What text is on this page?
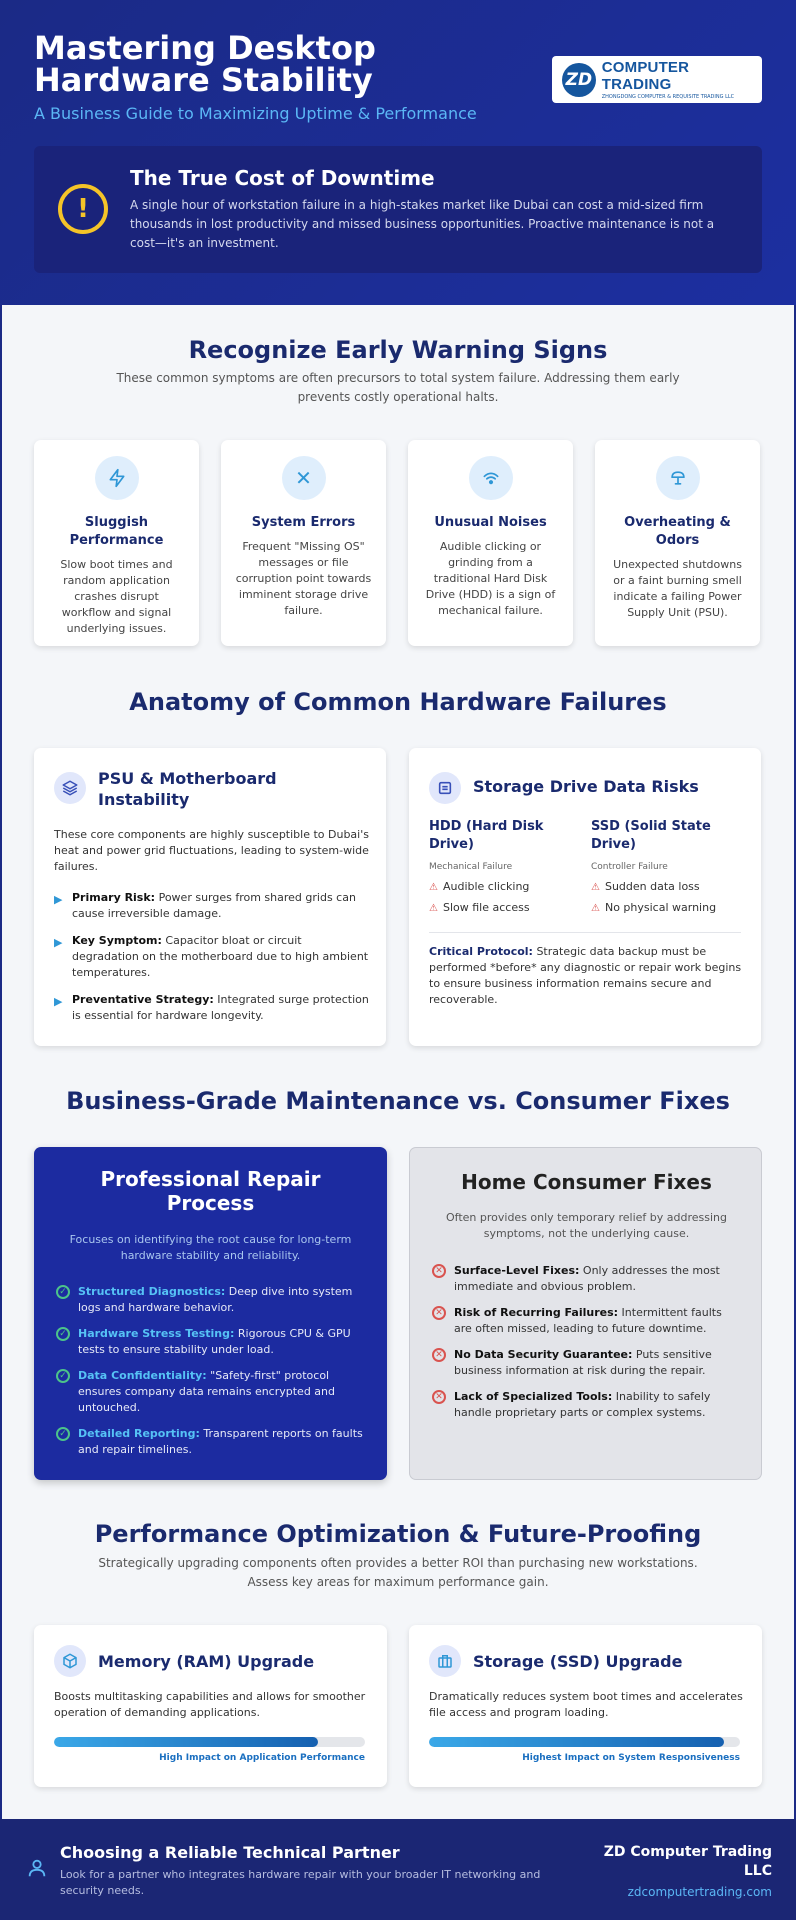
Mastering Desktop Hardware Stability
A Business Guide to Maximizing Uptime & Performance
ZD
COMPUTER TRADING
ZHONGDONG COMPUTER & REQUISITE TRADING LLC
!
The True Cost of Downtime
A single hour of workstation failure in a high-stakes market like Dubai can cost a mid-sized firm thousands in lost productivity and missed business opportunities. Proactive maintenance is not a cost—it's an investment.
Recognize Early Warning Signs

These common symptoms are often precursors to total system failure. Addressing them early prevents costly operational halts.

Sluggish Performance
Slow boot times and random application crashes disrupt workflow and signal underlying issues.
✕
System Errors
Frequent "Missing OS" messages or file corruption point towards imminent storage drive failure.
Unusual Noises
Audible clicking or grinding from a traditional Hard Disk Drive (HDD) is a sign of mechanical failure.
Overheating & Odors
Unexpected shutdowns or a faint burning smell indicate a failing Power Supply Unit (PSU).
Anatomy of Common Hardware Failures
PSU & Motherboard Instability
These core components are highly susceptible to Dubai's heat and power grid fluctuations, leading to system-wide failures.
▶ Primary Risk: Power surges from shared grids can cause irreversible damage.
▶ Key Symptom: Capacitor bloat or circuit degradation on the motherboard due to high ambient temperatures.
▶ Preventative Strategy: Integrated surge protection is essential for hardware longevity.
Storage Drive Data Risks
HDD (Hard Disk Drive)
Mechanical Failure
⚠ Audible clicking
⚠ Slow file access
SSD (Solid State Drive)
Controller Failure
⚠ Sudden data loss
⚠ No physical warning
Critical Protocol: Strategic data backup must be performed *before* any diagnostic or repair work begins to ensure business information remains secure and recoverable.
Business-Grade Maintenance vs. Consumer Fixes
Professional Repair Process
Focuses on identifying the root cause for long-term hardware stability and reliability.
✓ Structured Diagnostics: Deep dive into system logs and hardware behavior.
✓ Hardware Stress Testing: Rigorous CPU & GPU tests to ensure stability under load.
✓ Data Confidentiality: "Safety-first" protocol ensures company data remains encrypted and untouched.
✓ Detailed Reporting: Transparent reports on faults and repair timelines.
Home Consumer Fixes
Often provides only temporary relief by addressing symptoms, not the underlying cause.
✕ Surface-Level Fixes: Only addresses the most immediate and obvious problem.
✕ Risk of Recurring Failures: Intermittent faults are often missed, leading to future downtime.
✕ No Data Security Guarantee: Puts sensitive business information at risk during the repair.
✕ Lack of Specialized Tools: Inability to safely handle proprietary parts or complex systems.
Performance Optimization & Future-Proofing

Strategically upgrading components often provides a better ROI than purchasing new workstations. Assess key areas for maximum performance gain.

Memory (RAM) Upgrade
Boosts multitasking capabilities and allows for smoother operation of demanding applications.
High Impact on Application Performance
Storage (SSD) Upgrade
Dramatically reduces system boot times and accelerates file access and program loading.
Highest Impact on System Responsiveness
Choosing a Reliable Technical Partner
Look for a partner who integrates hardware repair with your broader IT networking and security needs.
ZD Computer Trading LLC
zdcomputertrading.com
